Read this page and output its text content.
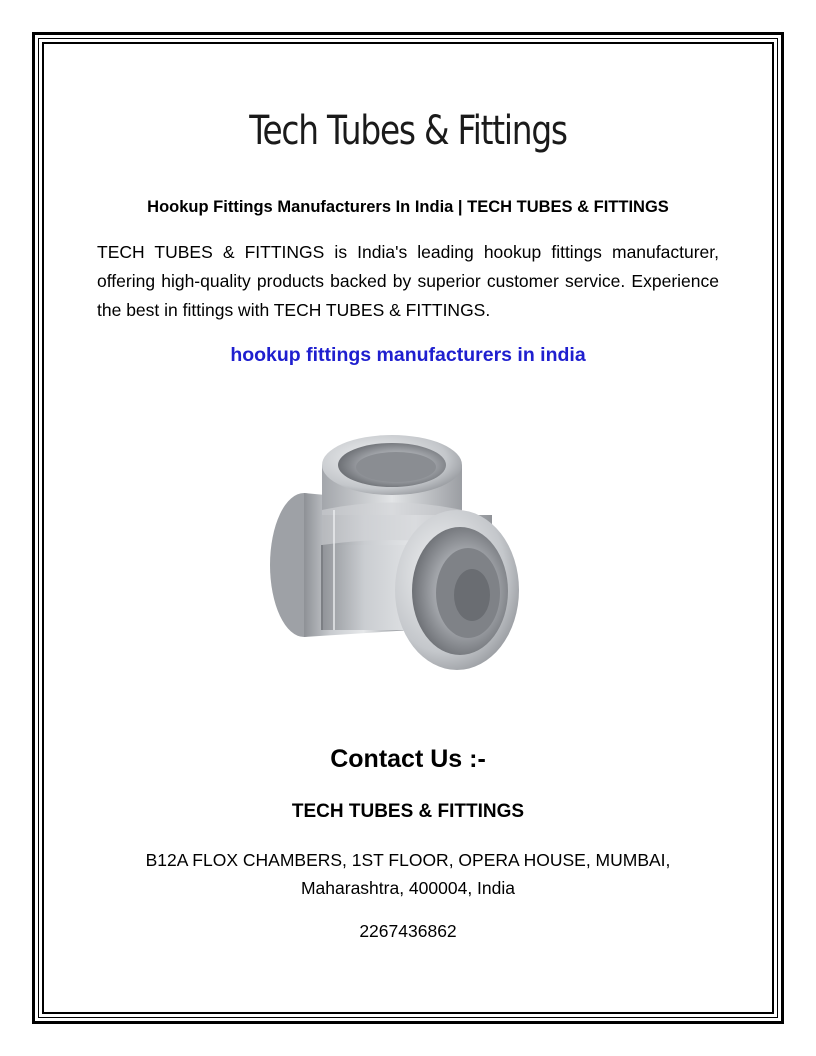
Tech Tubes & Fittings

Hookup Fittings Manufacturers In India | TECH TUBES & FITTINGS

TECH TUBES & FITTINGS is India's leading hookup fittings manufacturer, offering high-quality products backed by superior customer service. Experience the best in fittings with TECH TUBES & FITTINGS.

hookup fittings manufacturers in india
Contact Us :-

TECH TUBES & FITTINGS

B12A FLOX CHAMBERS, 1ST FLOOR, OPERA HOUSE, MUMBAI,
Maharashtra, 400004, India

2267436862
